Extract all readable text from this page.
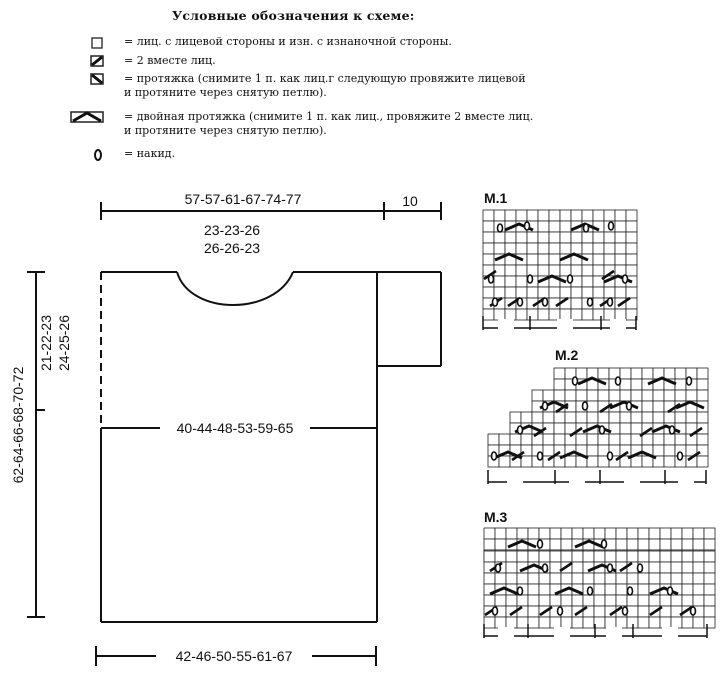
Условные обозначения к схеме:
= лиц. с лицевой стороны и изн. с изнаночной стороны.
= 2 вместе лиц.
= протяжка (снимите 1 п. как лиц.г следующую провяжите лицевой
и протяните через снятую петлю).
= двойная протяжка (снимите 1 п. как лиц., провяжите 2 вместе лиц.
и протяните через снятую петлю).
= накид.
57-57-61-67-74-77	10
23-23-26
26-26-23
62-64-66-68-70-72
21-22-23 24-25-26
40-44-48-53-59-65
42-46-50-55-61-67
M.1
M.2
M.3
